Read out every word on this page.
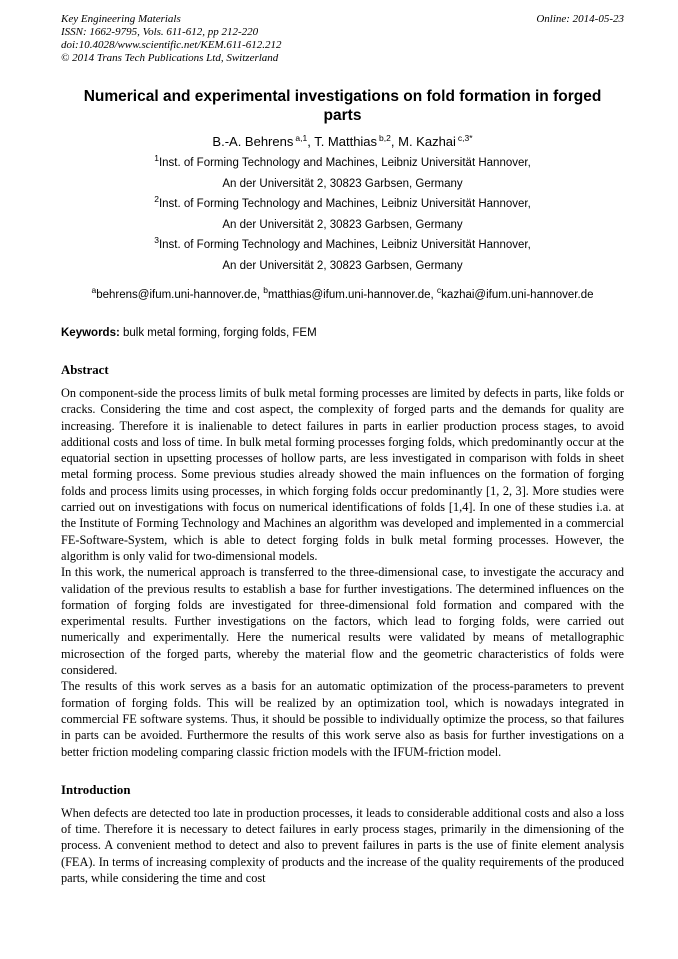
Key Engineering Materials
ISSN: 1662-9795, Vols. 611-612, pp 212-220
doi:10.4028/www.scientific.net/KEM.611-612.212
© 2014 Trans Tech Publications Ltd, Switzerland
Online: 2014-05-23
Numerical and experimental investigations on fold formation in forged parts
B.-A. Behrens $^{a,1}$, T. Matthias $^{b,2}$, M. Kazhai $^{c,3*}$
$^1$Inst. of Forming Technology and Machines, Leibniz Universität Hannover,
An der Universität 2, 30823 Garbsen, Germany
$^2$Inst. of Forming Technology and Machines, Leibniz Universität Hannover,
An der Universität 2, 30823 Garbsen, Germany
$^3$Inst. of Forming Technology and Machines, Leibniz Universität Hannover,
An der Universität 2, 30823 Garbsen, Germany
$^a$behrens@ifum.uni-hannover.de, $^b$matthias@ifum.uni-hannover.de, $^c$kazhai@ifum.uni-hannover.de
Keywords: bulk metal forming, forging folds, FEM
Abstract

On component-side the process limits of bulk metal forming processes are limited by defects in parts, like folds or cracks. Considering the time and cost aspect, the complexity of forged parts and the demands for quality are increasing. Therefore it is inalienable to detect failures in parts in earlier production process stages, to avoid additional costs and loss of time. In bulk metal forming processes forging folds, which predominantly occur at the equatorial section in upsetting processes of hollow parts, are less investigated in comparison with folds in sheet metal forming process. Some previous studies already showed the main influences on the formation of forging folds and process limits using processes, in which forging folds occur predominantly [1, 2, 3]. More studies were carried out on investigations with focus on numerical identifications of folds [1,4]. In one of these studies i.a. at the Institute of Forming Technology and Machines an algorithm was developed and implemented in a commercial FE-Software-System, which is able to detect forging folds in bulk metal forming processes. However, the algorithm is only valid for two-dimensional models.

In this work, the numerical approach is transferred to the three-dimensional case, to investigate the accuracy and validation of the previous results to establish a base for further investigations. The determined influences on the formation of forging folds are investigated for three-dimensional fold formation and compared with the experimental results. Further investigations on the factors, which lead to forging folds, were carried out numerically and experimentally. Here the numerical results were validated by means of metallographic microsection of the forged parts, whereby the material flow and the geometric characteristics of folds were considered.

The results of this work serves as a basis for an automatic optimization of the process-parameters to prevent formation of forging folds. This will be realized by an optimization tool, which is nowadays integrated in commercial FE software systems. Thus, it should be possible to individually optimize the process, so that failures in parts can be avoided. Furthermore the results of this work serve also as basis for further investigations on a better friction modeling comparing classic friction models with the IFUM-friction model.

Introduction

When defects are detected too late in production processes, it leads to considerable additional costs and also a loss of time. Therefore it is necessary to detect failures in early process stages, primarily in the dimensioning of the process. A convenient method to detect and also to prevent failures in parts is the use of finite element analysis (FEA). In terms of increasing complexity of products and the increase of the quality requirements of the produced parts, while considering the time and cost
